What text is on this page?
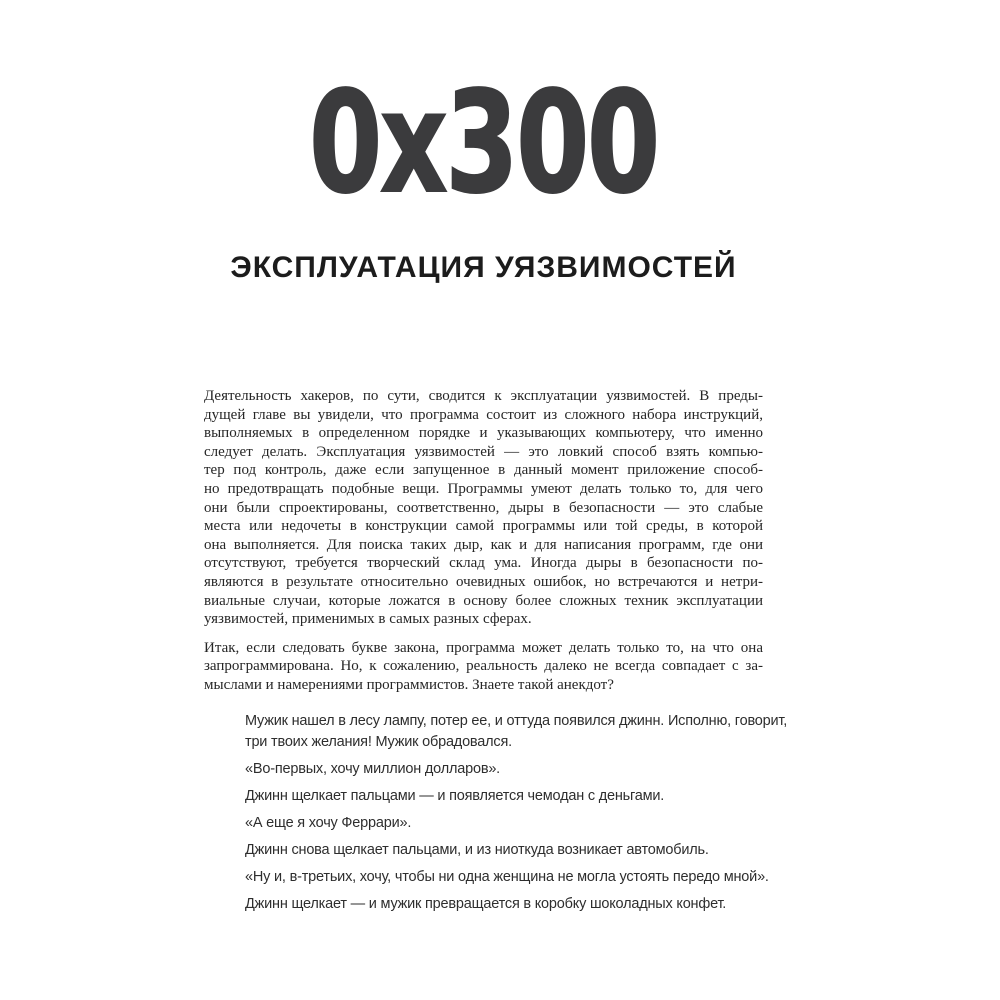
0x300
ЭКСПЛУАТАЦИЯ УЯЗВИМОСТЕЙ
Деятельность хакеров, по сути, сводится к эксплуатации уязвимостей. В преды-
дущей главе вы увидели, что программа состоит из сложного набора инструкций,
выполняемых в определенном порядке и указывающих компьютеру, что именно
следует делать. Эксплуатация уязвимостей — это ловкий способ взять компью-
тер под контроль, даже если запущенное в данный момент приложение способ-
но предотвращать подобные вещи. Программы умеют делать только то, для чего
они были спроектированы, соответственно, дыры в безопасности — это слабые
места или недочеты в конструкции самой программы или той среды, в которой
она выполняется. Для поиска таких дыр, как и для написания программ, где они
отсутствуют, требуется творческий склад ума. Иногда дыры в безопасности по-
являются в результате относительно очевидных ошибок, но встречаются и нетри-
виальные случаи, которые ложатся в основу более сложных техник эксплуатации
уязвимостей, применимых в самых разных сферах.
Итак, если следовать букве закона, программа может делать только то, на что она
запрограммирована. Но, к сожалению, реальность далеко не всегда совпадает с за-
мыслами и намерениями программистов. Знаете такой анекдот?
Мужик нашел в лесу лампу, потер ее, и оттуда появился джинн. Исполню, говорит,
три твоих желания! Мужик обрадовался.
«Во-первых, хочу миллион долларов».
Джинн щелкает пальцами — и появляется чемодан с деньгами.
«А еще я хочу Феррари».
Джинн снова щелкает пальцами, и из ниоткуда возникает автомобиль.
«Ну и, в-третьих, хочу, чтобы ни одна женщина не могла устоять передо мной».
Джинн щелкает — и мужик превращается в коробку шоколадных конфет.
